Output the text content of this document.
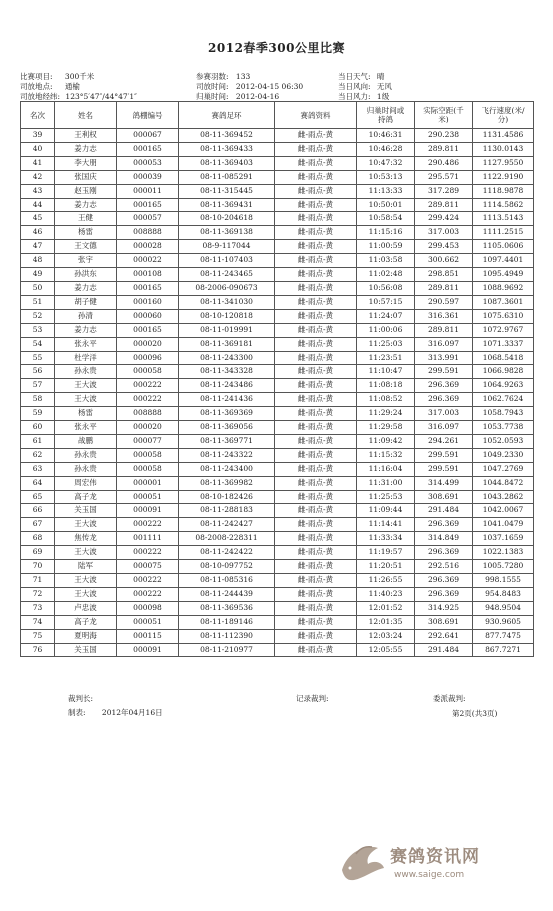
2012春季300公里比赛
比赛项目: 300千米
司放地点: 通榆
司放地经纬: 123°5′47″/44°47′1″
参赛羽数: 133
司放时间: 2012-04-15 06:30
归巢时间: 2012-04-16
当日天气: 晴
当日风向: 无风
当日风力: 1级
名次	姓名	鸽棚编号	赛鸽足环	赛鸽资料	归巢时间或持鸽	实际空距(千米)	飞行速度(米/分)
39	王利权	000067	08-11-369452	雌-雨点-黄	10:46:31	290.238	1131.4586
40	姜力志	000165	08-11-369433	雌-雨点-黄	10:46:28	289.811	1130.0143
41	李大朋	000053	08-11-369403	雌-雨点-黄	10:47:32	290.486	1127.9550
42	张国庆	000039	08-11-085291	雌-雨点-黄	10:53:13	295.571	1122.9190
43	赵玉刚	000011	08-11-315445	雌-雨点-黄	11:13:33	317.289	1118.9878
44	姜力志	000165	08-11-369431	雌-雨点-黄	10:50:01	289.811	1114.5862
45	王健	000057	08-10-204618	雌-雨点-黄	10:58:54	299.424	1113.5143
46	杨雷	008888	08-11-369138	雌-雨点-黄	11:15:16	317.003	1111.2515
47	王文德	000028	08-9-117044	雌-雨点-黄	11:00:59	299.453	1105.0606
48	张宇	000022	08-11-107403	雌-雨点-黄	11:03:58	300.662	1097.4401
49	孙洪东	000108	08-11-243465	雌-雨点-黄	11:02:48	298.851	1095.4949
50	姜力志	000165	08-2006-090673	雌-雨点-黄	10:56:08	289.811	1088.9692
51	胡子健	000160	08-11-341030	雌-雨点-黄	10:57:15	290.597	1087.3601
52	孙清	000060	08-10-120818	雌-雨点-黄	11:24:07	316.361	1075.6310
53	姜力志	000165	08-11-019991	雌-雨点-黄	11:00:06	289.811	1072.9767
54	张永平	000020	08-11-369181	雌-雨点-黄	11:25:03	316.097	1071.3337
55	杜学洋	000096	08-11-243300	雌-雨点-黄	11:23:51	313.991	1068.5418
56	孙永贵	000058	08-11-343328	雌-雨点-黄	11:10:47	299.591	1066.9828
57	王大波	000222	08-11-243486	雌-雨点-黄	11:08:18	296.369	1064.9263
58	王大波	000222	08-11-241436	雌-雨点-黄	11:08:52	296.369	1062.7624
59	杨雷	008888	08-11-369369	雌-雨点-黄	11:29:24	317.003	1058.7943
60	张永平	000020	08-11-369056	雌-雨点-黄	11:29:58	316.097	1053.7738
61	战鹏	000077	08-11-369771	雌-雨点-黄	11:09:42	294.261	1052.0593
62	孙永贵	000058	08-11-243322	雌-雨点-黄	11:15:32	299.591	1049.2330
63	孙永贵	000058	08-11-243400	雌-雨点-黄	11:16:04	299.591	1047.2769
64	周宏伟	000001	08-11-369982	雌-雨点-黄	11:31:00	314.499	1044.8472
65	高子龙	000051	08-10-182426	雌-雨点-黄	11:25:53	308.691	1043.2862
66	关玉国	000091	08-11-288183	雌-雨点-黄	11:09:44	291.484	1042.0067
67	王大波	000222	08-11-242427	雌-雨点-黄	11:14:41	296.369	1041.0479
68	焦传龙	001111	08-2008-228311	雌-雨点-黄	11:33:34	314.849	1037.1659
69	王大波	000222	08-11-242422	雌-雨点-黄	11:19:57	296.369	1022.1383
70	陆军	000075	08-10-097752	雌-雨点-黄	11:20:51	292.516	1005.7280
71	王大波	000222	08-11-085316	雌-雨点-黄	11:26:55	296.369	998.1555
72	王大波	000222	08-11-244439	雌-雨点-黄	11:40:23	296.369	954.8483
73	卢忠波	000098	08-11-369536	雌-雨点-黄	12:01:52	314.925	948.9504
74	高子龙	000051	08-11-189146	雌-雨点-黄	12:01:35	308.691	930.9605
75	夏明海	000115	08-11-112390	雌-雨点-黄	12:03:24	292.641	877.7475
76	关玉国	000091	08-11-210977	雌-雨点-黄	12:05:55	291.484	867.7271
裁判长:	记录裁判:	委派裁判:
制表: 2012年04月16日	第2页(共3页)
赛鸽资讯网
www.saige.com
